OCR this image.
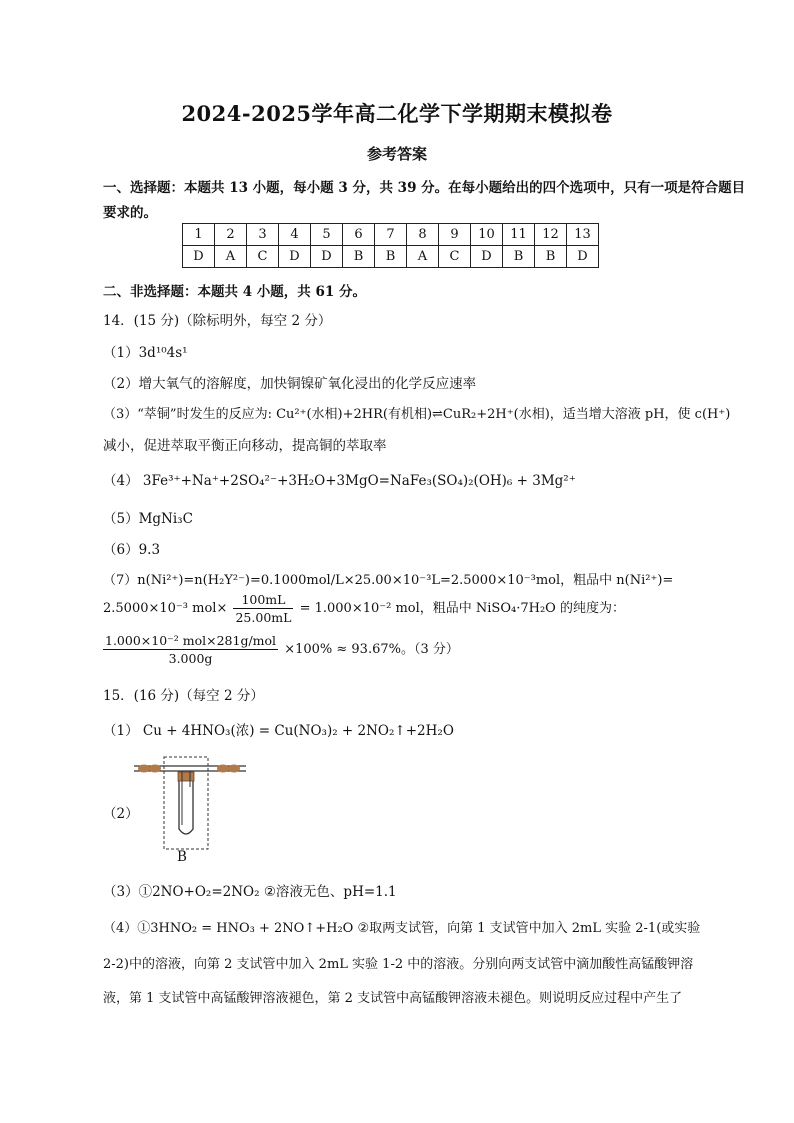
2024-2025学年高二化学下学期期末模拟卷
参考答案
一、选择题：本题共 13 小题，每小题 3 分，共 39 分。在每小题给出的四个选项中，只有一项是符合题目
要求的。
1	2	3	4	5	6	7	8	9	10	11	12	13
D	A	C	D	D	B	B	A	C	D	B	B	D
二、非选择题：本题共 4 小题，共 61 分。
14．(15 分)（除标明外，每空 2 分）
（1）3d¹⁰4s¹
（2）增大氧气的溶解度，加快铜镍矿氧化浸出的化学反应速率
（3）“萃铜”时发生的反应为: Cu²⁺(水相)+2HR(有机相)⇌CuR₂+2H⁺(水相)，适当增大溶液 pH，使 c(H⁺)
减小，促进萃取平衡正向移动，提高铜的萃取率
（4） 3Fe³⁺+Na⁺+2SO₄²⁻+3H₂O+3MgO=NaFe₃(SO₄)₂(OH)₆ + 3Mg²⁺
（5）MgNi₃C
（6）9.3
（7）n(Ni²⁺)=n(H₂Y²⁻)=0.1000mol/L×25.00×10⁻³L=2.5000×10⁻³mol，粗品中 n(Ni²⁺)=
2.5000×10⁻³ $mol\times \frac{100mL}{25.00mL} = 1.000\times 10^{-2}$ mol，粗品中 NiSO₄·7H₂O 的纯度为：
$\frac{\text{1.000×10⁻² mol×281g/mol}}{3.000g} \times 100\% \approx 93.67\%$。（3 分）
15．(16 分)（每空 2 分）
（1） Cu + 4HNO₃(浓) = Cu(NO₃)₂ + 2NO₂↑+2H₂O
（2）
B
（3）①2NO+O₂=2NO₂ ②溶液无色、pH=1.1
（4）①3HNO₂ = HNO₃ + 2NO↑+H₂O ②取两支试管，向第 1 支试管中加入 2mL 实验 2-1(或实验
2-2)中的溶液，向第 2 支试管中加入 2mL 实验 1-2 中的溶液。分别向两支试管中滴加酸性高锰酸钾溶
液，第 1 支试管中高锰酸钾溶液褪色，第 2 支试管中高锰酸钾溶液未褪色。则说明反应过程中产生了
